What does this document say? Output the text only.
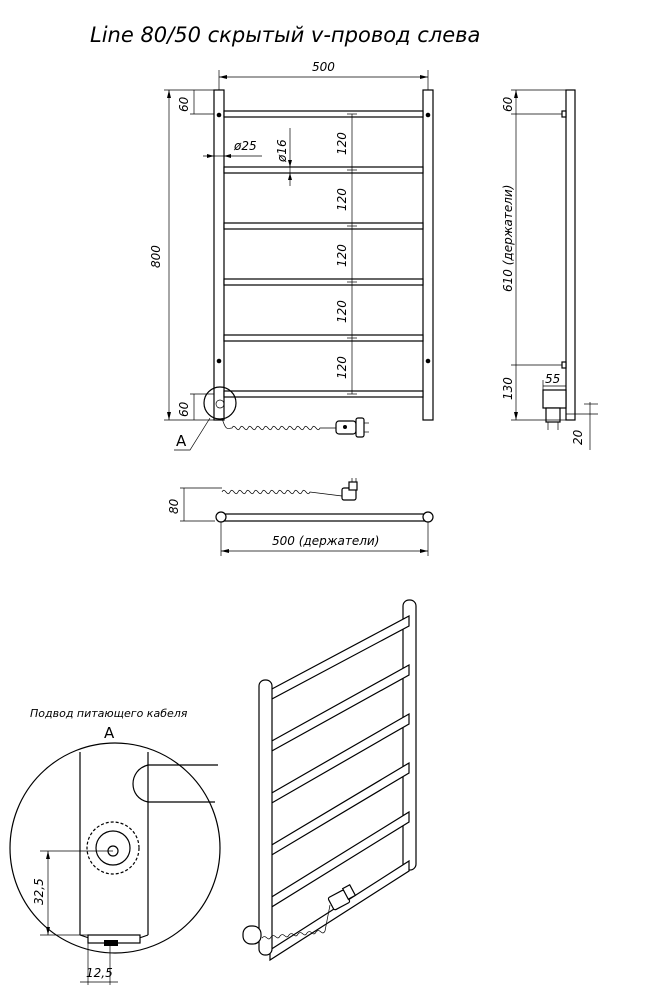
Line 80/50 скрытый v-провод слева
A
500
800
60
60
ø25 ø16	120
120
120
120
120
60
610 (держатели)
130	55
20
80
500 (держатели)
Подвод питающего кабеля
A
32,5
12,5
